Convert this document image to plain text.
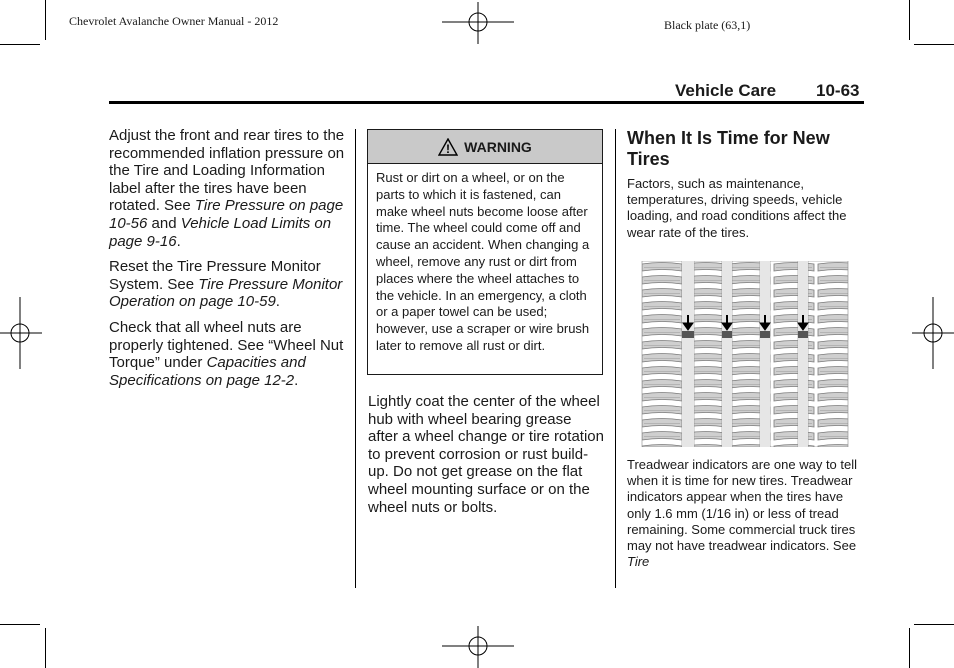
Chevrolet Avalanche Owner Manual - 2012	Black plate (63,1)
Vehicle Care 10-63

Adjust the front and rear tires to the recommended inflation pressure on the Tire and Loading Information label after the tires have been rotated. See Tire Pressure on page 10-56 and Vehicle Load Limits on page 9-16.

Reset the Tire Pressure Monitor System. See Tire Pressure Monitor Operation on page 10-59.

Check that all wheel nuts are properly tightened. See “Wheel Nut Torque” under Capacities and Specifications on page 12-2.

! WARNING
Rust or dirt on a wheel, or on the parts to which it is fastened, can make wheel nuts become loose after time. The wheel could come off and cause an accident. When changing a wheel, remove any rust or dirt from places where the wheel attaches to the vehicle. In an emergency, a cloth or a paper towel can be used; however, use a scraper or wire brush later to remove all rust or dirt.
Lightly coat the center of the wheel hub with wheel bearing grease after a wheel change or tire rotation to prevent corrosion or rust build-up. Do not get grease on the flat wheel mounting surface or on the wheel nuts or bolts.
When It Is Time for New Tires
Factors, such as maintenance, temperatures, driving speeds, vehicle loading, and road conditions affect the wear rate of the tires.
Treadwear indicators are one way to tell when it is time for new tires. Treadwear indicators appear when the tires have only 1.6 mm (1/16 in) or less of tread remaining. Some commercial truck tires may not have treadwear indicators. See Tire
